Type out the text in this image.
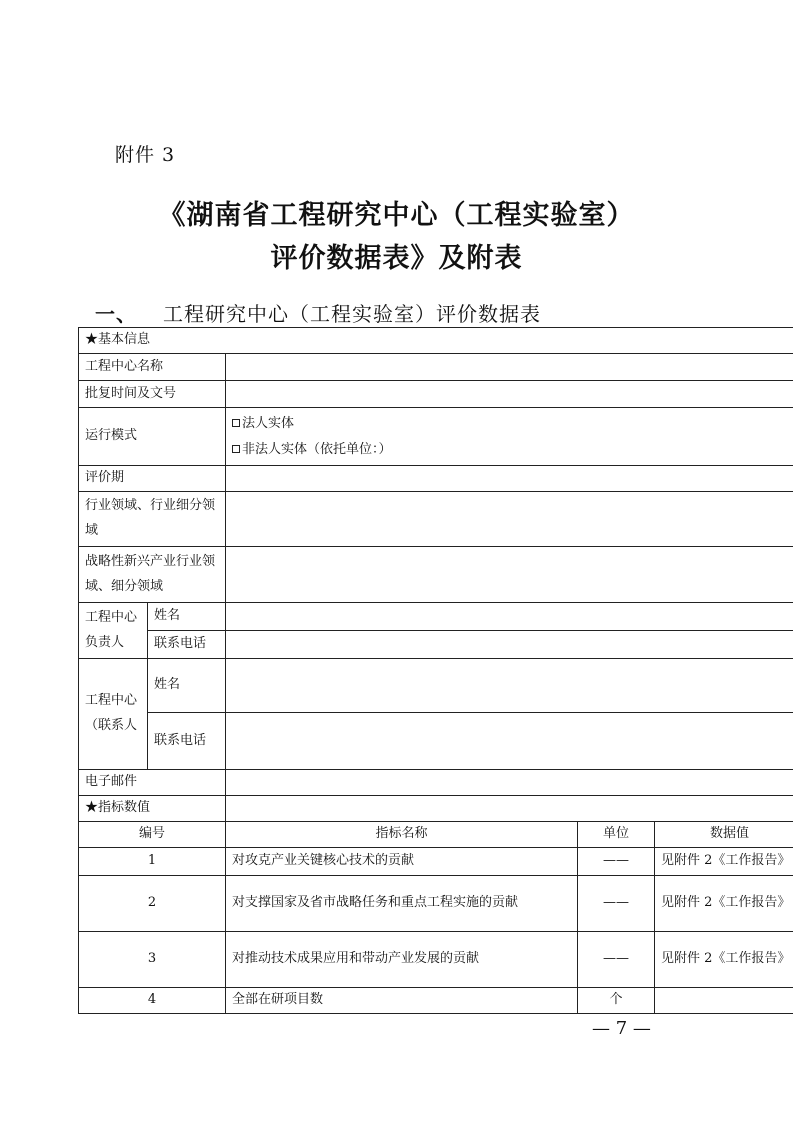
附件 3
《湖南省工程研究中心（工程实验室）
评价数据表》及附表
一、 工程研究中心（工程实验室）评价数据表
★基本信息				
工程中心名称				
批复时间及文号				
运行模式		法人实体
非法人实体（依托单位：）		

评价期				
行业领域、行业细分领域				
战略性新兴产业行业领域、细分领域				
工程中心负责人	姓名			
	联系电话			
工程中心（联系人	姓名			
	联系电话			
电子邮件				
★指标数值				
编号		指标名称	单位	数据值
1		对攻克产业关键核心技术的贡献	——	见附件 2《工作报告》
2		对支撑国家及省市战略任务和重点工程实施的贡献	——	见附件 2《工作报告》
3		对推动技术成果应用和带动产业发展的贡献	——	见附件 2《工作报告》
4		全部在研项目数	个	
— 7 —
